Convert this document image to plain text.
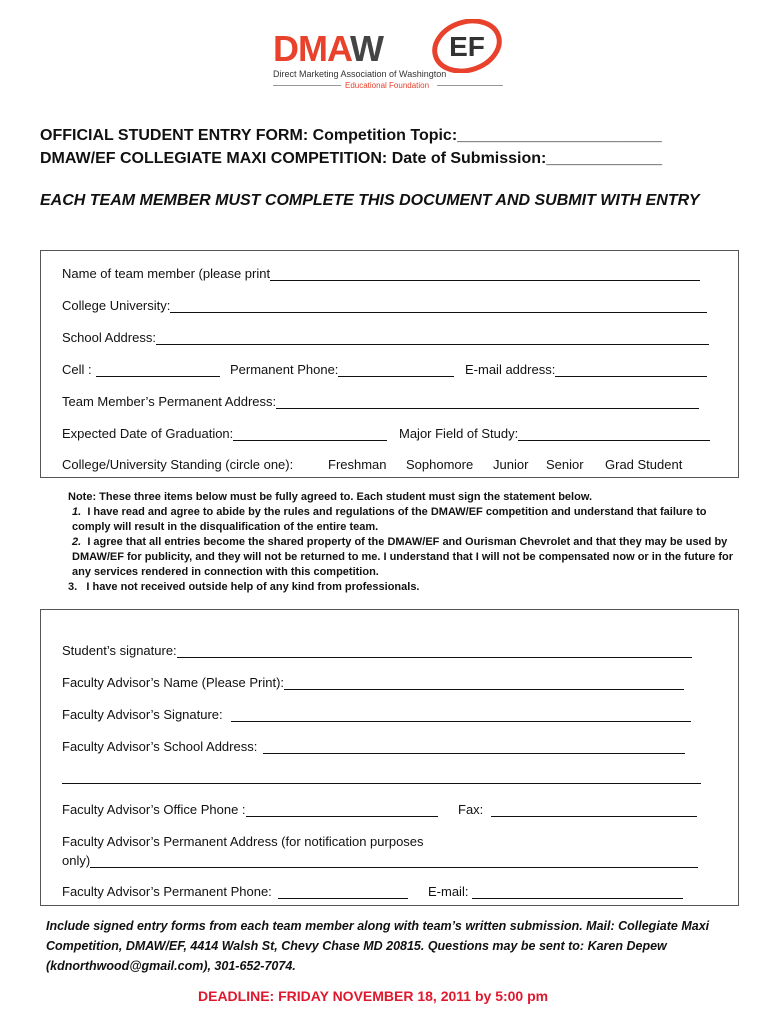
DMAW EF
Direct Marketing Association of Washington
Educational Foundation
OFFICIAL STUDENT ENTRY FORM: Competition Topic:_______________________
DMAW/EF COLLEGIATE MAXI COMPETITION: Date of Submission:_____________
EACH TEAM MEMBER MUST COMPLETE THIS DOCUMENT AND SUBMIT WITH ENTRY
Name of team member (please print
College University:
School Address:
Cell :	Permanent Phone:	E-mail address:
Team Member’s Permanent Address:
Expected Date of Graduation:	Major Field of Study:
College/University Standing (circle one):	Freshman Sophomore Junior Senior Grad Student
Note: These three items below must be fully agreed to. Each student must sign the statement below.
1. I have read and agree to abide by the rules and regulations of the DMAW/EF competition and understand that failure to comply will result in the disqualification of the entire team.
2. I agree that all entries become the shared property of the DMAW/EF and Ourisman Chevrolet and that they may be used by DMAW/EF for publicity, and they will not be returned to me. I understand that I will not be compensated now or in the future for any services rendered in connection with this competition.
3. I have not received outside help of any kind from professionals.
Student’s signature:
Faculty Advisor’s Name (Please Print):
Faculty Advisor’s Signature:
Faculty Advisor’s School Address:
Faculty Advisor’s Office Phone :	Fax:
Faculty Advisor’s Permanent Address (for notification purposes
only)
Faculty Advisor’s Permanent Phone:	E-mail:
Include signed entry forms from each team member along with team’s written submission. Mail: Collegiate Maxi Competition, DMAW/EF, 4414 Walsh St, Chevy Chase MD 20815. Questions may be sent to: Karen Depew (kdnorthwood@gmail.com), 301-652-7074.
DEADLINE: FRIDAY NOVEMBER 18, 2011 by 5:00 pm
